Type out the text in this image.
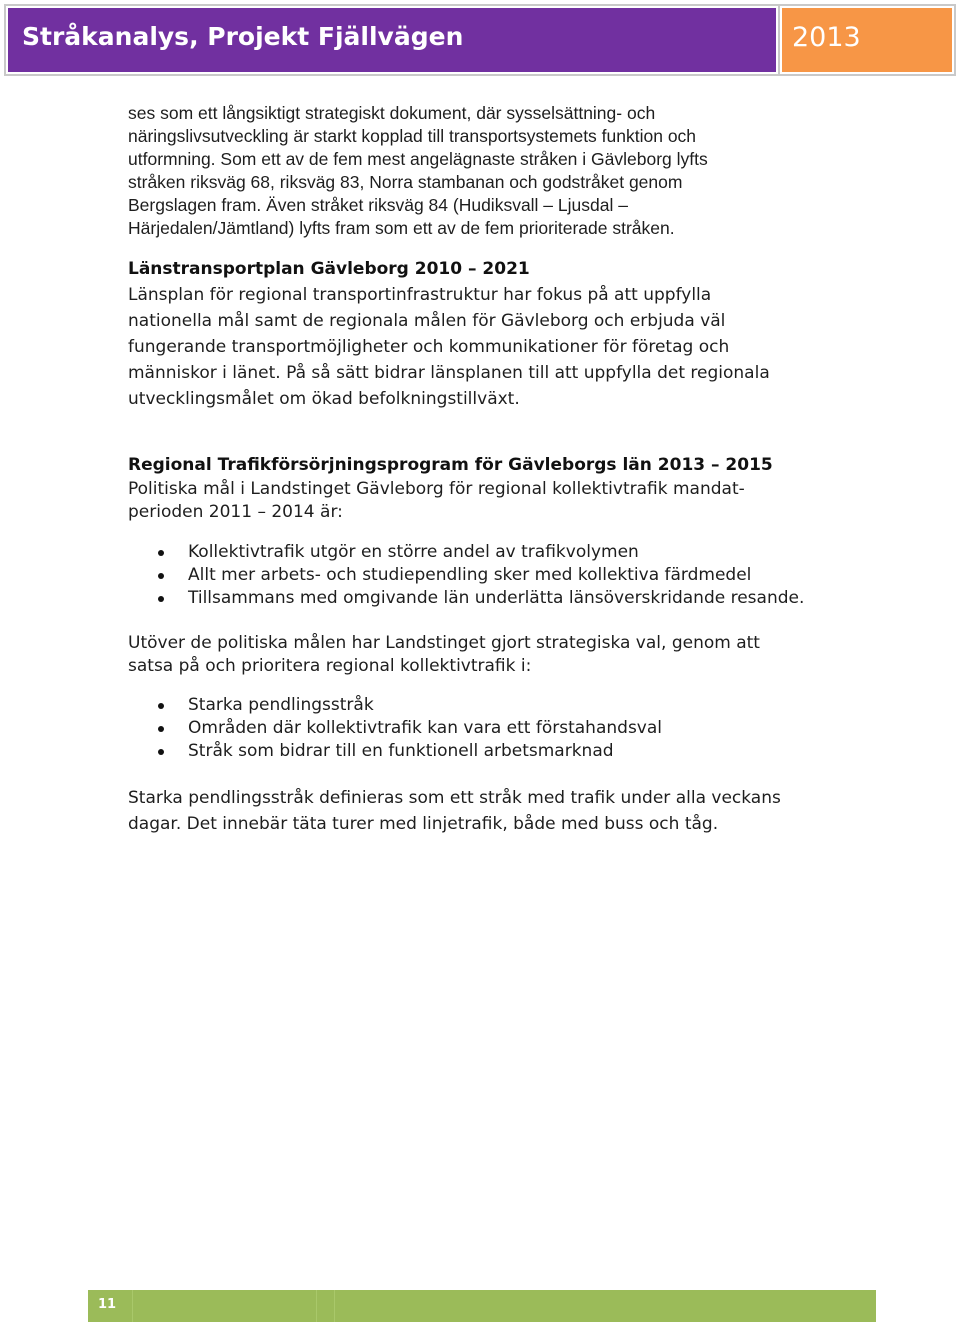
Stråkanalys, Projekt Fjällvägen	2013

ses som ett långsiktigt strategiskt dokument, där sysselsättning- och

näringslivsutveckling är starkt kopplad till transportsystemets funktion och

utformning. Som ett av de fem mest angelägnaste stråken i Gävleborg lyfts

stråken riksväg 68, riksväg 83, Norra stambanan och godstråket genom

Bergslagen fram. Även stråket riksväg 84 (Hudiksvall – Ljusdal –

Härjedalen/Jämtland) lyfts fram som ett av de fem prioriterade stråken.

Länstransportplan Gävleborg 2010 – 2021

Länsplan för regional transportinfrastruktur har fokus på att uppfylla

nationella mål samt de regionala målen för Gävleborg och erbjuda väl

fungerande transportmöjligheter och kommunikationer för företag och

människor i länet. På så sätt bidrar länsplanen till att uppfylla det regionala

utvecklingsmålet om ökad befolkningstillväxt.

Regional Trafikförsörjningsprogram för Gävleborgs län 2013 – 2015

Politiska mål i Landstinget Gävleborg för regional kollektivtrafik mandat-

perioden 2011 – 2014 är:

Kollektivtrafik utgör en större andel av trafikvolymen
Allt mer arbets- och studiependling sker med kollektiva färdmedel
Tillsammans med omgivande län underlätta länsöverskridande resande.

Utöver de politiska målen har Landstinget gjort strategiska val, genom att

satsa på och prioritera regional kollektivtrafik i:

Starka pendlingsstråk
Områden där kollektivtrafik kan vara ett förstahandsval
Stråk som bidrar till en funktionell arbetsmarknad

Starka pendlingsstråk definieras som ett stråk med trafik under alla veckans

dagar. Det innebär täta turer med linjetrafik, både med buss och tåg.

11
